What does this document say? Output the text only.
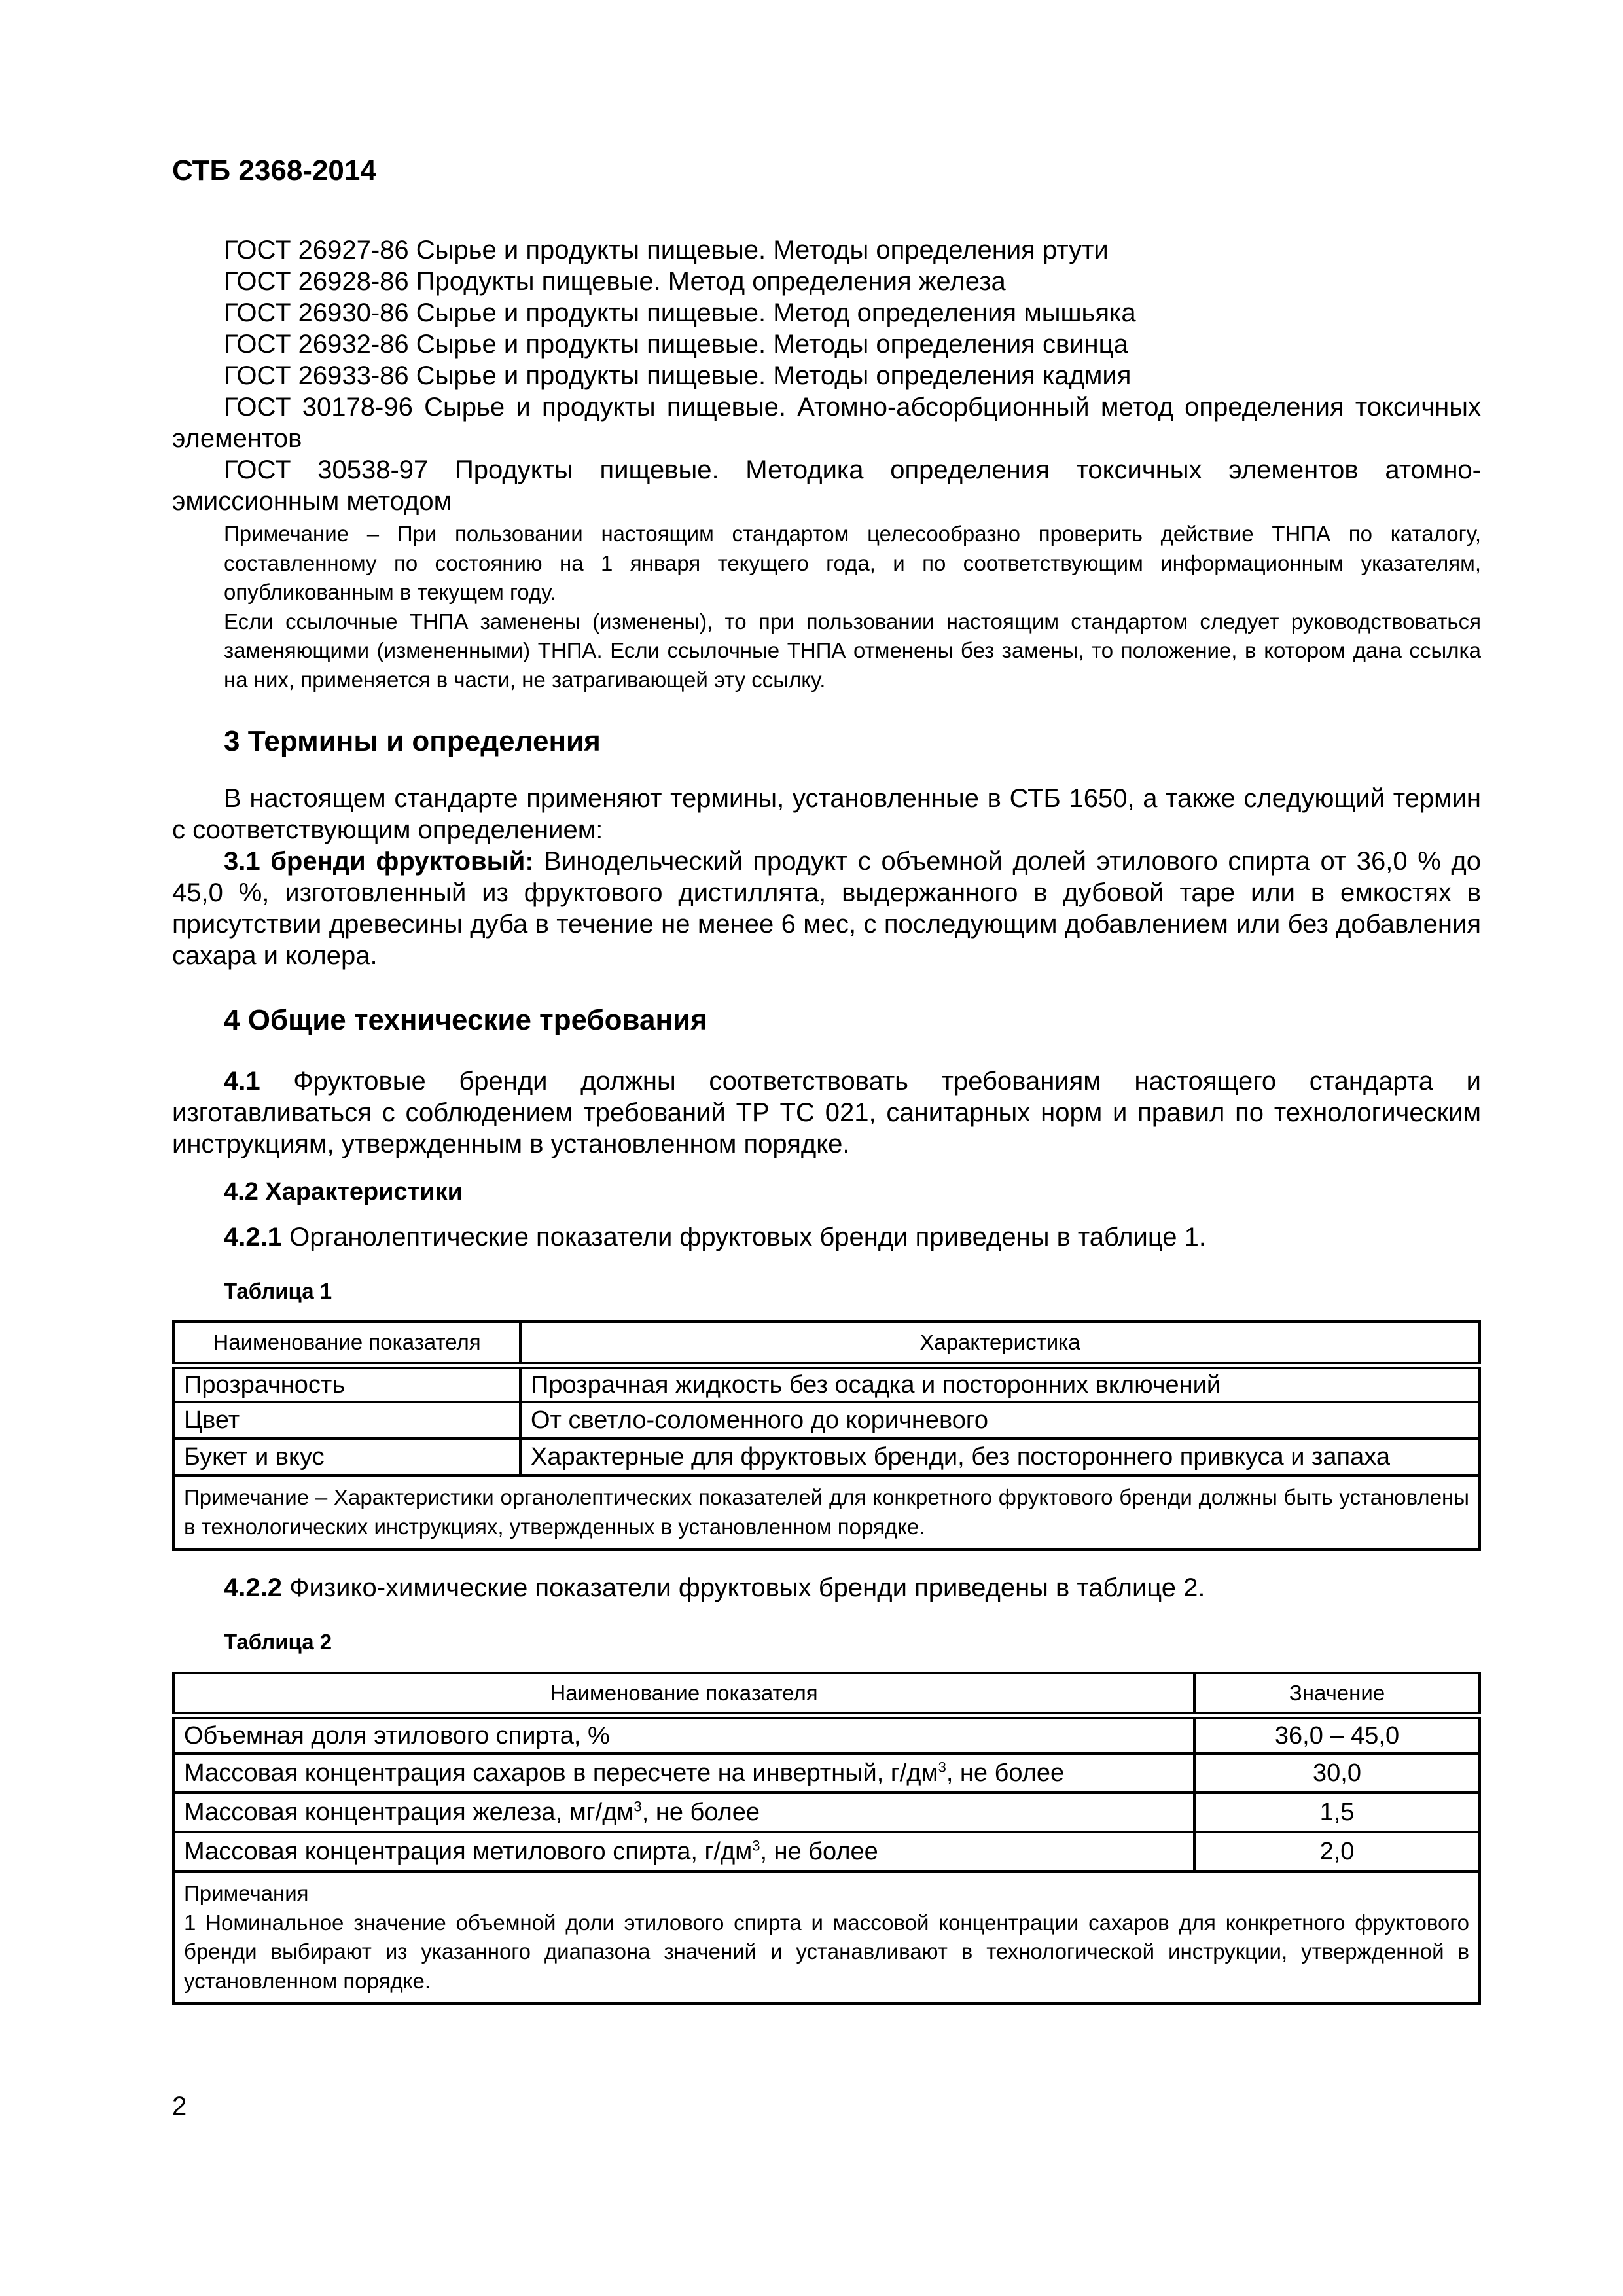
СТБ 2368-2014
ГОСТ 26927-86 Сырье и продукты пищевые. Методы определения ртути
ГОСТ 26928-86 Продукты пищевые. Метод определения железа
ГОСТ 26930-86 Сырье и продукты пищевые. Метод определения мышьяка
ГОСТ 26932-86 Сырье и продукты пищевые. Методы определения свинца
ГОСТ 26933-86 Сырье и продукты пищевые. Методы определения кадмия
ГОСТ 30178-96 Сырье и продукты пищевые. Атомно-абсорбционный метод определения токсичных элементов
ГОСТ 30538-97 Продукты пищевые. Методика определения токсичных элементов атомно-эмиссионным методом
Примечание – При пользовании настоящим стандартом целесообразно проверить действие ТНПА по каталогу, составленному по состоянию на 1 января текущего года, и по соответствующим информационным указателям, опубликованным в текущем году.
Если ссылочные ТНПА заменены (изменены), то при пользовании настоящим стандартом следует руководствоваться заменяющими (измененными) ТНПА. Если ссылочные ТНПА отменены без замены, то положение, в котором дана ссылка на них, применяется в части, не затрагивающей эту ссылку.
3 Термины и определения
В настоящем стандарте применяют термины, установленные в СТБ 1650, а также следующий термин с соответствующим определением:
3.1 бренди фруктовый: Винодельческий продукт с объемной долей этилового спирта от 36,0 % до 45,0 %, изготовленный из фруктового дистиллята, выдержанного в дубовой таре или в емкостях в присутствии древесины дуба в течение не менее 6 мес, с последующим добавлением или без добавления сахара и колера.
4 Общие технические требования
4.1 Фруктовые бренди должны соответствовать требованиям настоящего стандарта и изготавливаться с соблюдением требований ТР ТС 021, санитарных норм и правил по технологическим инструкциям, утвержденным в установленном порядке.
4.2 Характеристики
4.2.1 Органолептические показатели фруктовых бренди приведены в таблице 1.
Таблица 1
Наименование показателя	Характеристика
Прозрачность	Прозрачная жидкость без осадка и посторонних включений
Цвет	От светло-соломенного до коричневого
Букет и вкус	Характерные для фруктовых бренди, без постороннего привкуса и запаха
Примечание – Характеристики органолептических показателей для конкретного фруктового бренди должны быть установлены в технологических инструкциях, утвержденных в установленном порядке.	
4.2.2 Физико-химические показатели фруктовых бренди приведены в таблице 2.
Таблица 2
Наименование показателя	Значение
Объемная доля этилового спирта, %	36,0 – 45,0
Массовая концентрация сахаров в пересчете на инвертный, $г/дм^3$, не более	30,0
Массовая концентрация железа, $мг/дм^3$, не более	1,5
Массовая концентрация метилового спирта, $г/дм^3$, не более	2,0

Примечания
1 Номинальное значение объемной доли этилового спирта и массовой концентрации сахаров для конкретного фруктового бренди выбирают из указанного диапазона значений и устанавливают в технологической инструкции, утвержденной в установленном порядке.	
2
